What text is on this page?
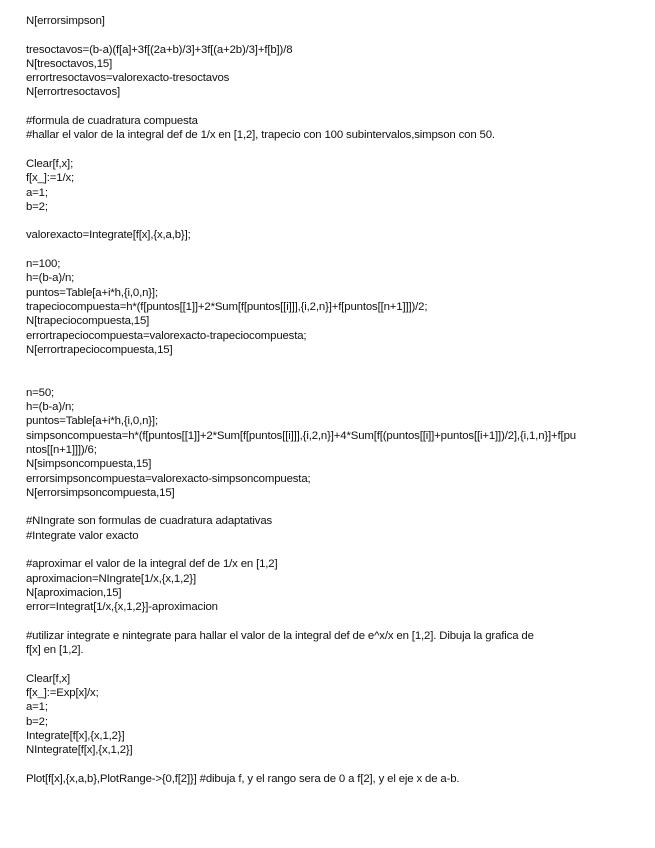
N[errorsimpson]
tresoctavos=(b-a)(f[a]+3f[(2a+b)/3]+3f[(a+2b)/3]+f[b])/8
N[tresoctavos,15]
errortresoctavos=valorexacto-tresoctavos
N[errortresoctavos]
#formula de cuadratura compuesta
#hallar el valor de la integral def de 1/x en [1,2], trapecio con 100 subintervalos,simpson con 50.
Clear[f,x];
f[x_]:=1/x;
a=1;
b=2;
valorexacto=Integrate[f[x],{x,a,b}];
n=100;
h=(b-a)/n;
puntos=Table[a+i*h,{i,0,n}];
trapeciocompuesta=h*(f[puntos[[1]]+2*Sum[f[puntos[[i]]],{i,2,n}]+f[puntos[[n+1]]])/2;
N[trapeciocompuesta,15]
errortrapeciocompuesta=valorexacto-trapeciocompuesta;
N[errortrapeciocompuesta,15]
n=50;
h=(b-a)/n;
puntos=Table[a+i*h,{i,0,n}];
simpsoncompuesta=h*(f[puntos[[1]]+2*Sum[f[puntos[[i]]],{i,2,n}]+4*Sum[f[(puntos[[i]]+puntos[[i+1]])/2],{i,1,n}]+f[pu
ntos[[n+1]]])/6;
N[simpsoncompuesta,15]
errorsimpsoncompuesta=valorexacto-simpsoncompuesta;
N[errorsimpsoncompuesta,15]
#NIngrate son formulas de cuadratura adaptativas
#Integrate valor exacto
#aproximar el valor de la integral def de 1/x en [1,2]
aproximacion=NIngrate[1/x,{x,1,2}]
N[aproximacion,15]
error=Integrat[1/x,{x,1,2}]-aproximacion
#utilizar integrate e nintegrate para hallar el valor de la integral def de e^x/x en [1,2]. Dibuja la grafica de
f[x] en [1,2].
Clear[f,x]
f[x_]:=Exp[x]/x;
a=1;
b=2;
Integrate[f[x],{x,1,2}]
NIntegrate[f[x],{x,1,2}]
Plot[f[x],{x,a,b},PlotRange->{0,f[2]}] #dibuja f, y el rango sera de 0 a f[2], y el eje x de a-b.
